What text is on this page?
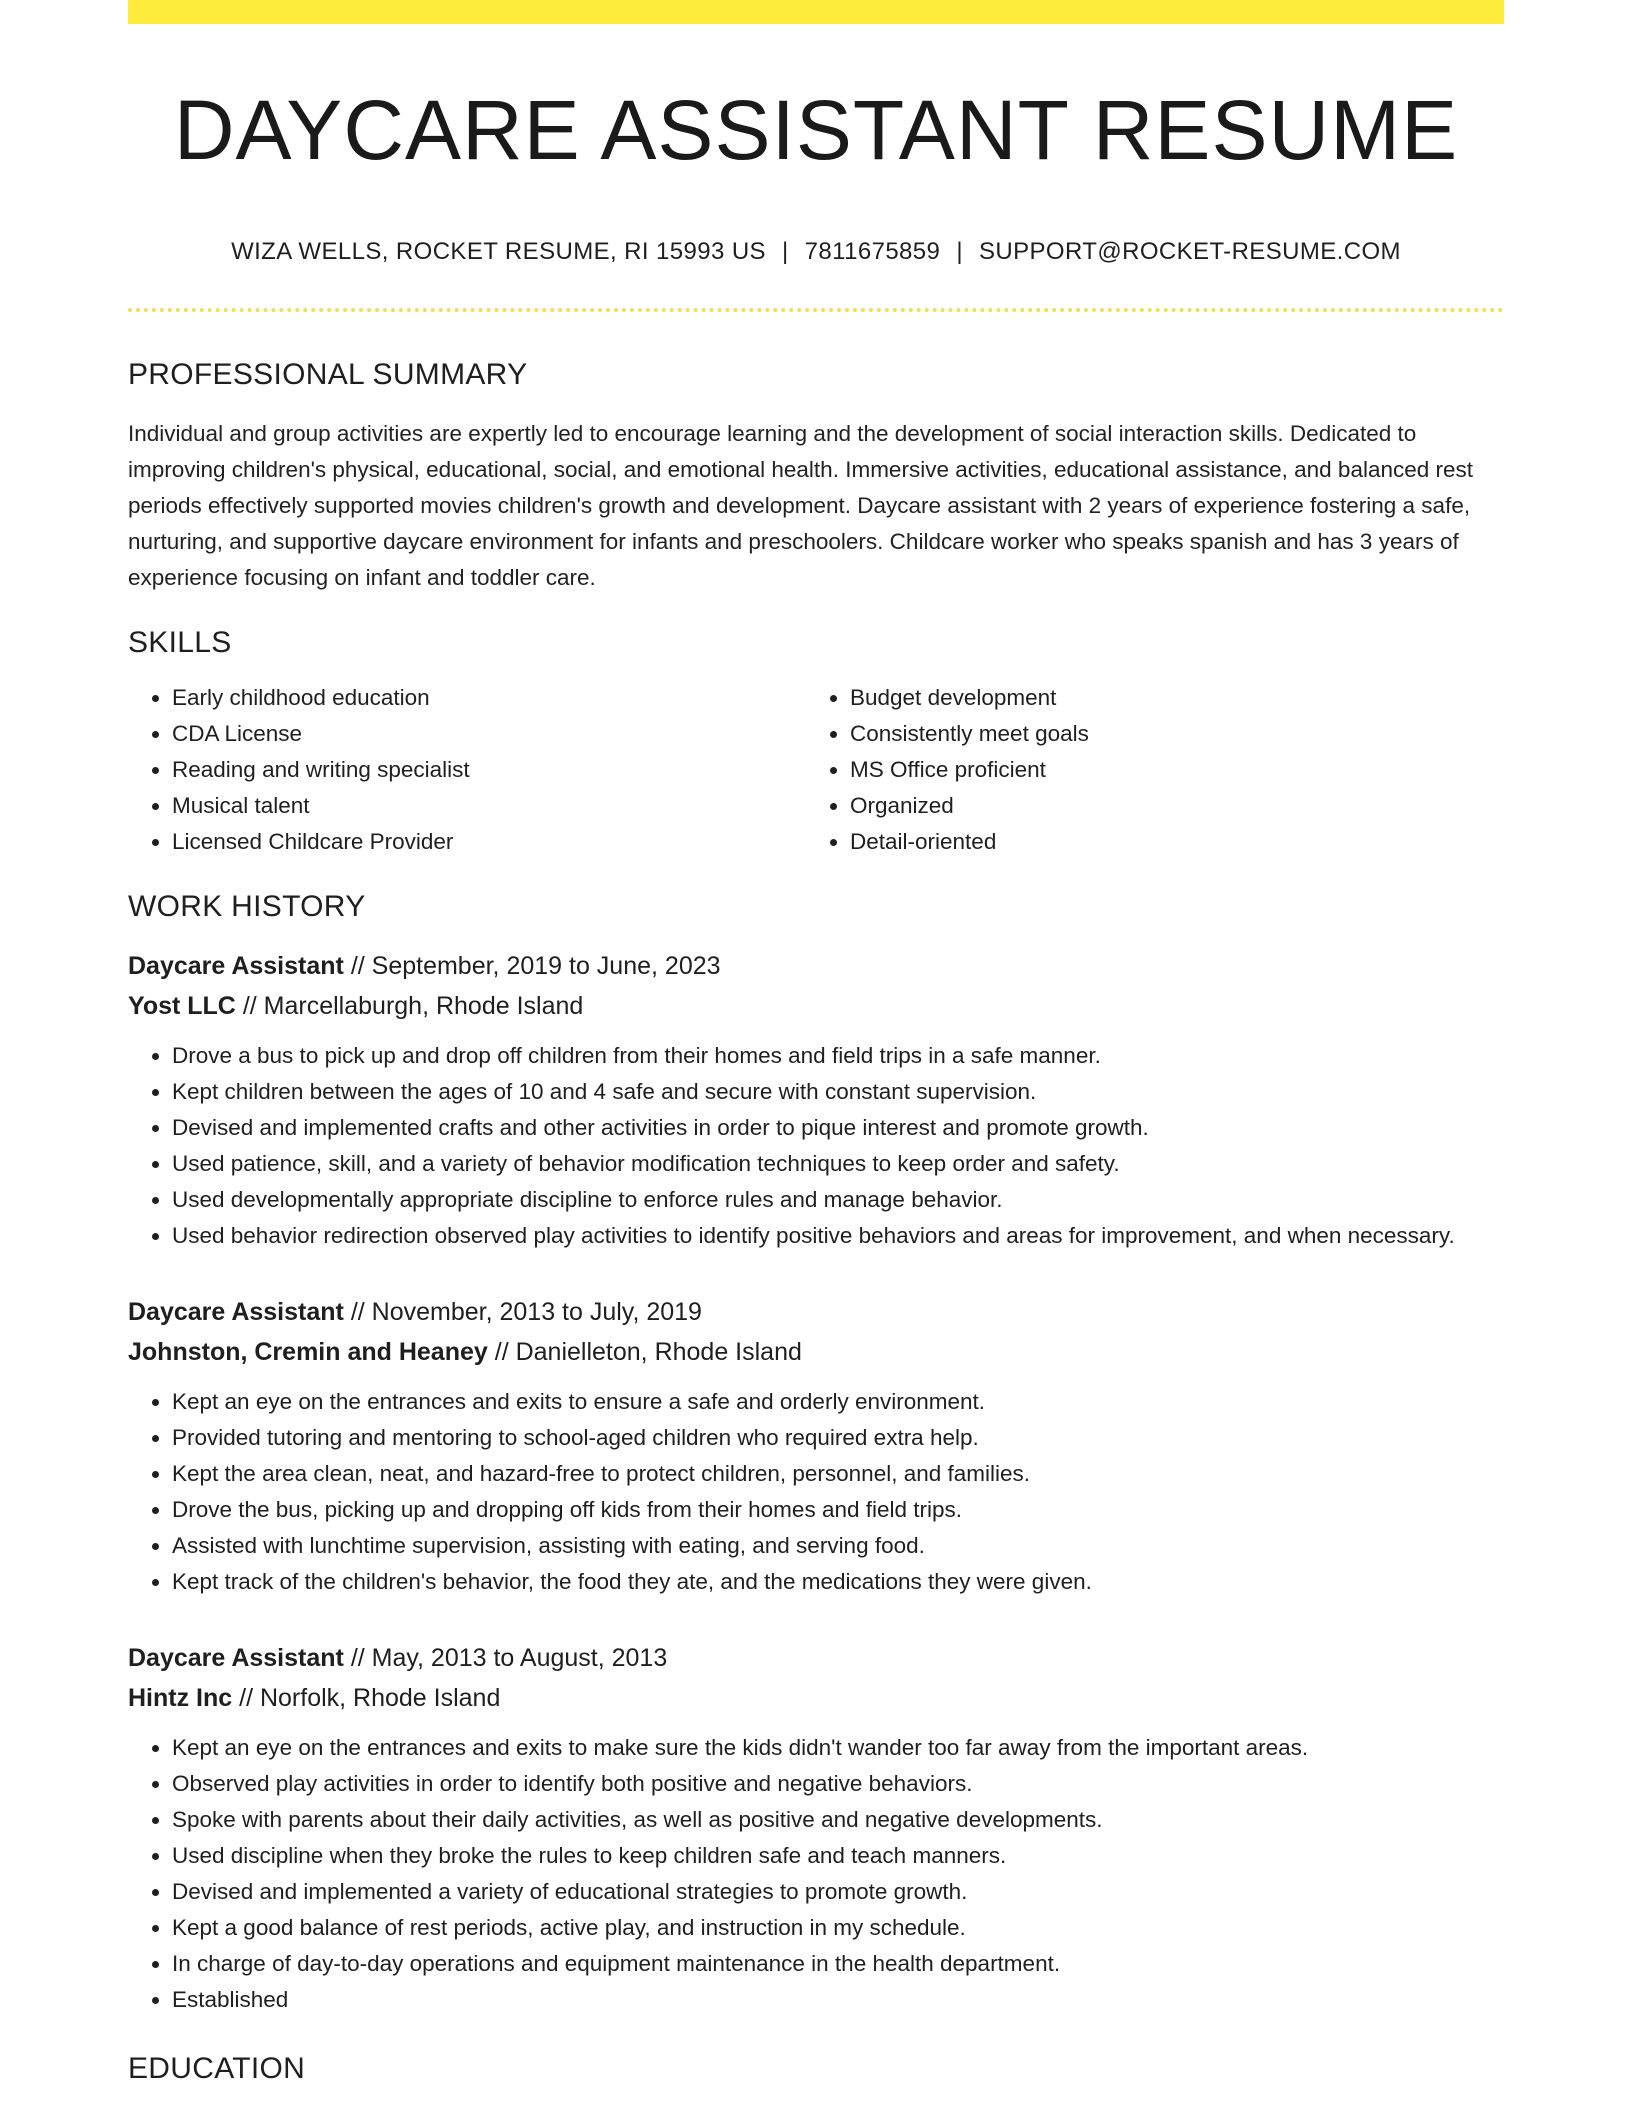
DAYCARE ASSISTANT RESUME
WIZA WELLS, ROCKET RESUME, RI 15993 US | 7811675859 | SUPPORT@ROCKET-RESUME.COM
PROFESSIONAL SUMMARY

Individual and group activities are expertly led to encourage learning and the development of social interaction skills. Dedicated to improving children's physical, educational, social, and emotional health. Immersive activities, educational assistance, and balanced rest periods effectively supported movies children's growth and development. Daycare assistant with 2 years of experience fostering a safe, nurturing, and supportive daycare environment for infants and preschoolers. Childcare worker who speaks spanish and has 3 years of experience focusing on infant and toddler care.

SKILLS
• Early childhood education
• CDA License
• Reading and writing specialist
• Musical talent
• Licensed Childcare Provider
• Budget development
• Consistently meet goals
• MS Office proficient
• Organized
• Detail-oriented
WORK HISTORY
Daycare Assistant // September, 2019 to June, 2023
Yost LLC // Marcellaburgh, Rhode Island
• Drove a bus to pick up and drop off children from their homes and field trips in a safe manner.
• Kept children between the ages of 10 and 4 safe and secure with constant supervision.
• Devised and implemented crafts and other activities in order to pique interest and promote growth.
• Used patience, skill, and a variety of behavior modification techniques to keep order and safety.
• Used developmentally appropriate discipline to enforce rules and manage behavior.
• Used behavior redirection observed play activities to identify positive behaviors and areas for improvement, and when necessary.
Daycare Assistant // November, 2013 to July, 2019
Johnston, Cremin and Heaney // Danielleton, Rhode Island
• Kept an eye on the entrances and exits to ensure a safe and orderly environment.
• Provided tutoring and mentoring to school-aged children who required extra help.
• Kept the area clean, neat, and hazard-free to protect children, personnel, and families.
• Drove the bus, picking up and dropping off kids from their homes and field trips.
• Assisted with lunchtime supervision, assisting with eating, and serving food.
• Kept track of the children's behavior, the food they ate, and the medications they were given.
Daycare Assistant // May, 2013 to August, 2013
Hintz Inc // Norfolk, Rhode Island
• Kept an eye on the entrances and exits to make sure the kids didn't wander too far away from the important areas.
• Observed play activities in order to identify both positive and negative behaviors.
• Spoke with parents about their daily activities, as well as positive and negative developments.
• Used discipline when they broke the rules to keep children safe and teach manners.
• Devised and implemented a variety of educational strategies to promote growth.
• Kept a good balance of rest periods, active play, and instruction in my schedule.
• In charge of day-to-day operations and equipment maintenance in the health department.
• Established
EDUCATION
